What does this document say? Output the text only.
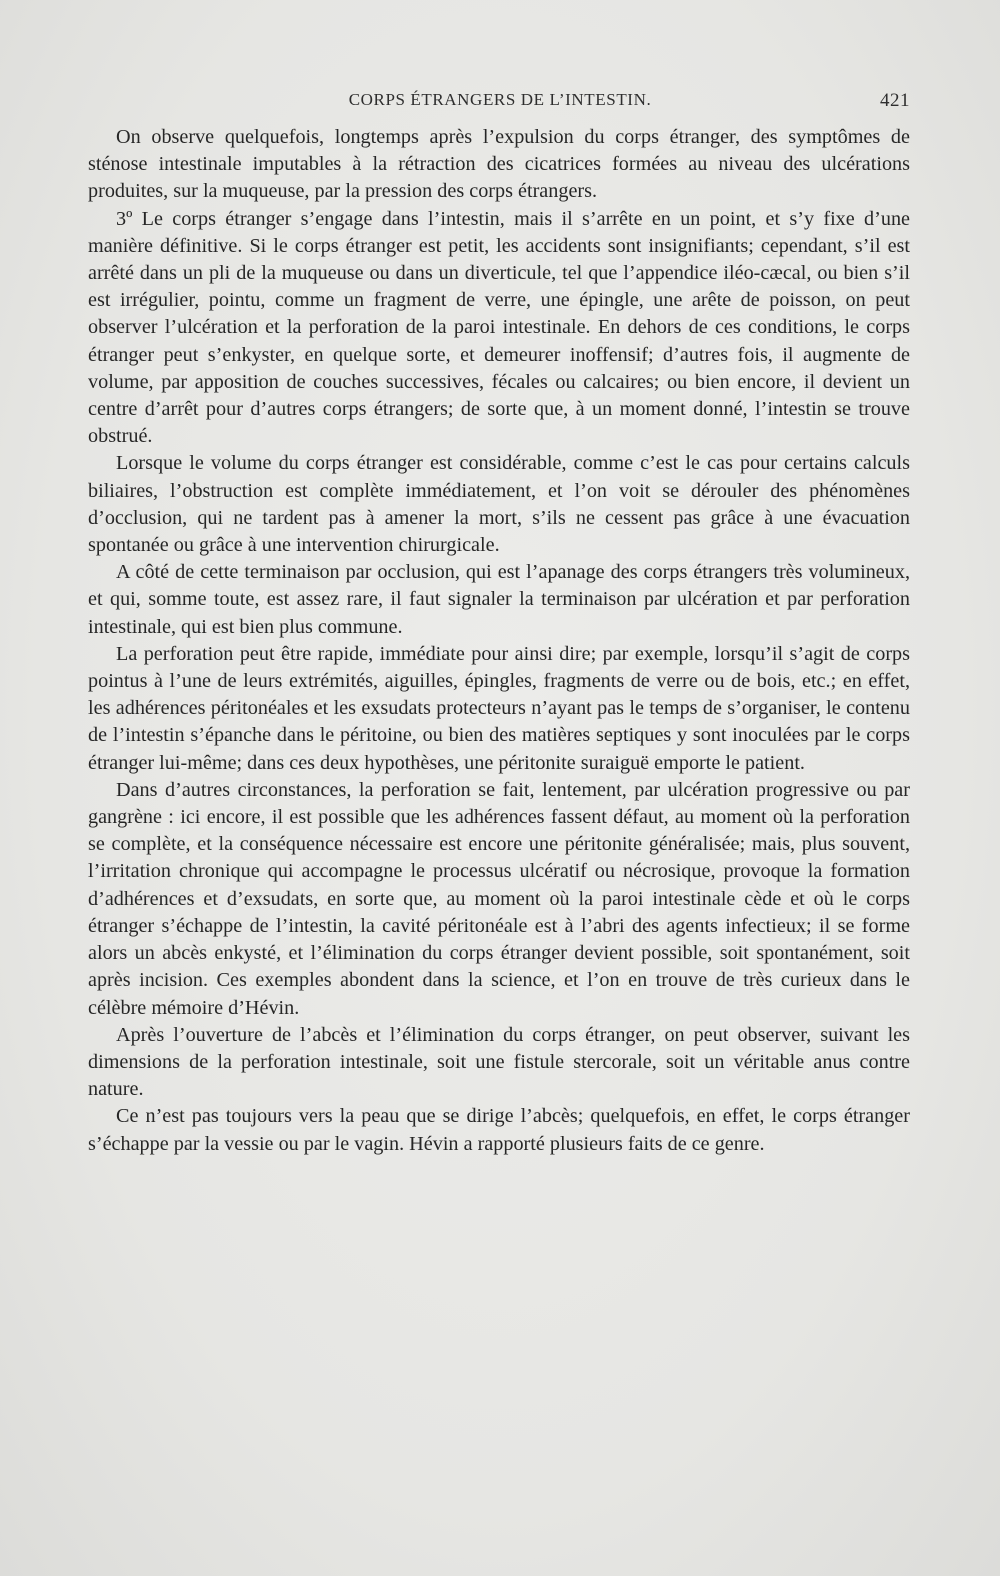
CORPS ÉTRANGERS DE L’INTESTIN.	421

On observe quelquefois, longtemps après l’expulsion du corps étranger, des symptômes de sténose intestinale imputables à la rétraction des cicatrices formées au niveau des ulcérations produites, sur la muqueuse, par la pression des corps étrangers.

3º Le corps étranger s’engage dans l’intestin, mais il s’arrête en un point, et s’y fixe d’une manière définitive. Si le corps étranger est petit, les accidents sont insignifiants; cependant, s’il est arrêté dans un pli de la muqueuse ou dans un diverticule, tel que l’appendice iléo-cæcal, ou bien s’il est irrégulier, pointu, comme un fragment de verre, une épingle, une arête de poisson, on peut observer l’ulcération et la perforation de la paroi intestinale. En dehors de ces conditions, le corps étranger peut s’enkyster, en quelque sorte, et demeurer inoffensif; d’autres fois, il augmente de volume, par apposition de couches successives, fécales ou calcaires; ou bien encore, il devient un centre d’arrêt pour d’autres corps étrangers; de sorte que, à un moment donné, l’intestin se trouve obstrué.

Lorsque le volume du corps étranger est considérable, comme c’est le cas pour certains calculs biliaires, l’obstruction est complète immédiatement, et l’on voit se dérouler des phénomènes d’occlusion, qui ne tardent pas à amener la mort, s’ils ne cessent pas grâce à une évacuation spontanée ou grâce à une intervention chirurgicale.

A côté de cette terminaison par occlusion, qui est l’apanage des corps étrangers très volumineux, et qui, somme toute, est assez rare, il faut signaler la terminaison par ulcération et par perforation intestinale, qui est bien plus commune.

La perforation peut être rapide, immédiate pour ainsi dire; par exemple, lorsqu’il s’agit de corps pointus à l’une de leurs extrémités, aiguilles, épingles, fragments de verre ou de bois, etc.; en effet, les adhérences péritonéales et les exsudats protecteurs n’ayant pas le temps de s’organiser, le contenu de l’intestin s’épanche dans le péritoine, ou bien des matières septiques y sont inoculées par le corps étranger lui-même; dans ces deux hypothèses, une péritonite suraiguë emporte le patient.

Dans d’autres circonstances, la perforation se fait, lentement, par ulcération progressive ou par gangrène : ici encore, il est possible que les adhérences fassent défaut, au moment où la perforation se complète, et la conséquence nécessaire est encore une péritonite généralisée; mais, plus souvent, l’irritation chronique qui accompagne le processus ulcératif ou nécrosique, provoque la formation d’adhérences et d’exsudats, en sorte que, au moment où la paroi intestinale cède et où le corps étranger s’échappe de l’intestin, la cavité péritonéale est à l’abri des agents infectieux; il se forme alors un abcès enkysté, et l’élimination du corps étranger devient possible, soit spontanément, soit après incision. Ces exemples abondent dans la science, et l’on en trouve de très curieux dans le célèbre mémoire d’Hévin.

Après l’ouverture de l’abcès et l’élimination du corps étranger, on peut observer, suivant les dimensions de la perforation intestinale, soit une fistule stercorale, soit un véritable anus contre nature.

Ce n’est pas toujours vers la peau que se dirige l’abcès; quelquefois, en effet, le corps étranger s’échappe par la vessie ou par le vagin. Hévin a rapporté plusieurs faits de ce genre.
